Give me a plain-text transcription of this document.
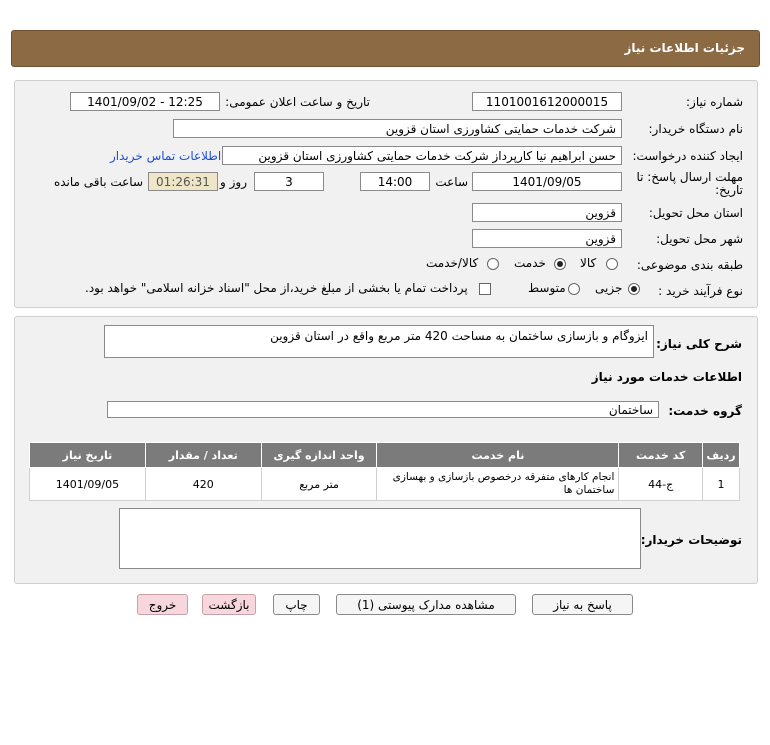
جزئیات اطلاعات نیاز
شماره نیاز:
1101001612000015
تاریخ و ساعت اعلان عمومی:
1401/09/02 - 12:25
نام دستگاه خریدار:
شرکت خدمات حمایتی کشاورزی استان قزوین
ایجاد کننده درخواست:
حسن ابراهیم نیا کارپرداز شرکت خدمات حمایتی کشاورزی استان قزوین
اطلاعات تماس خریدار
مهلت ارسال پاسخ: تا
تاریخ:
1401/09/05
ساعت
14:00
3
روز و
01:26:31
ساعت باقی مانده
استان محل تحویل:
قزوین
شهر محل تحویل:
قزوین
طبقه بندی موضوعی:
کالا
خدمت
کالا/خدمت
نوع فرآیند خرید :
جزیی
متوسط
پرداخت تمام یا بخشی از مبلغ خرید،از محل "اسناد خزانه اسلامی" خواهد بود.
شرح کلی نیاز:
ایزوگام و بازسازی ساختمان به مساحت 420 متر مربع واقع در استان قزوین
اطلاعات خدمات مورد نیاز
گروه خدمت:
ساختمان
ردیف	کد خدمت	نام خدمت	واحد اندازه گیری	تعداد / مقدار	تاریخ نیاز
1	ج-44	انجام کارهای متفرقه درخصوص بازسازی و بهسازی ساختمان ها	متر مربع	420	1401/09/05
توضیحات خریدار:
پاسخ به نیاز
مشاهده مدارک پیوستی (1)
چاپ
بازگشت
خروج
